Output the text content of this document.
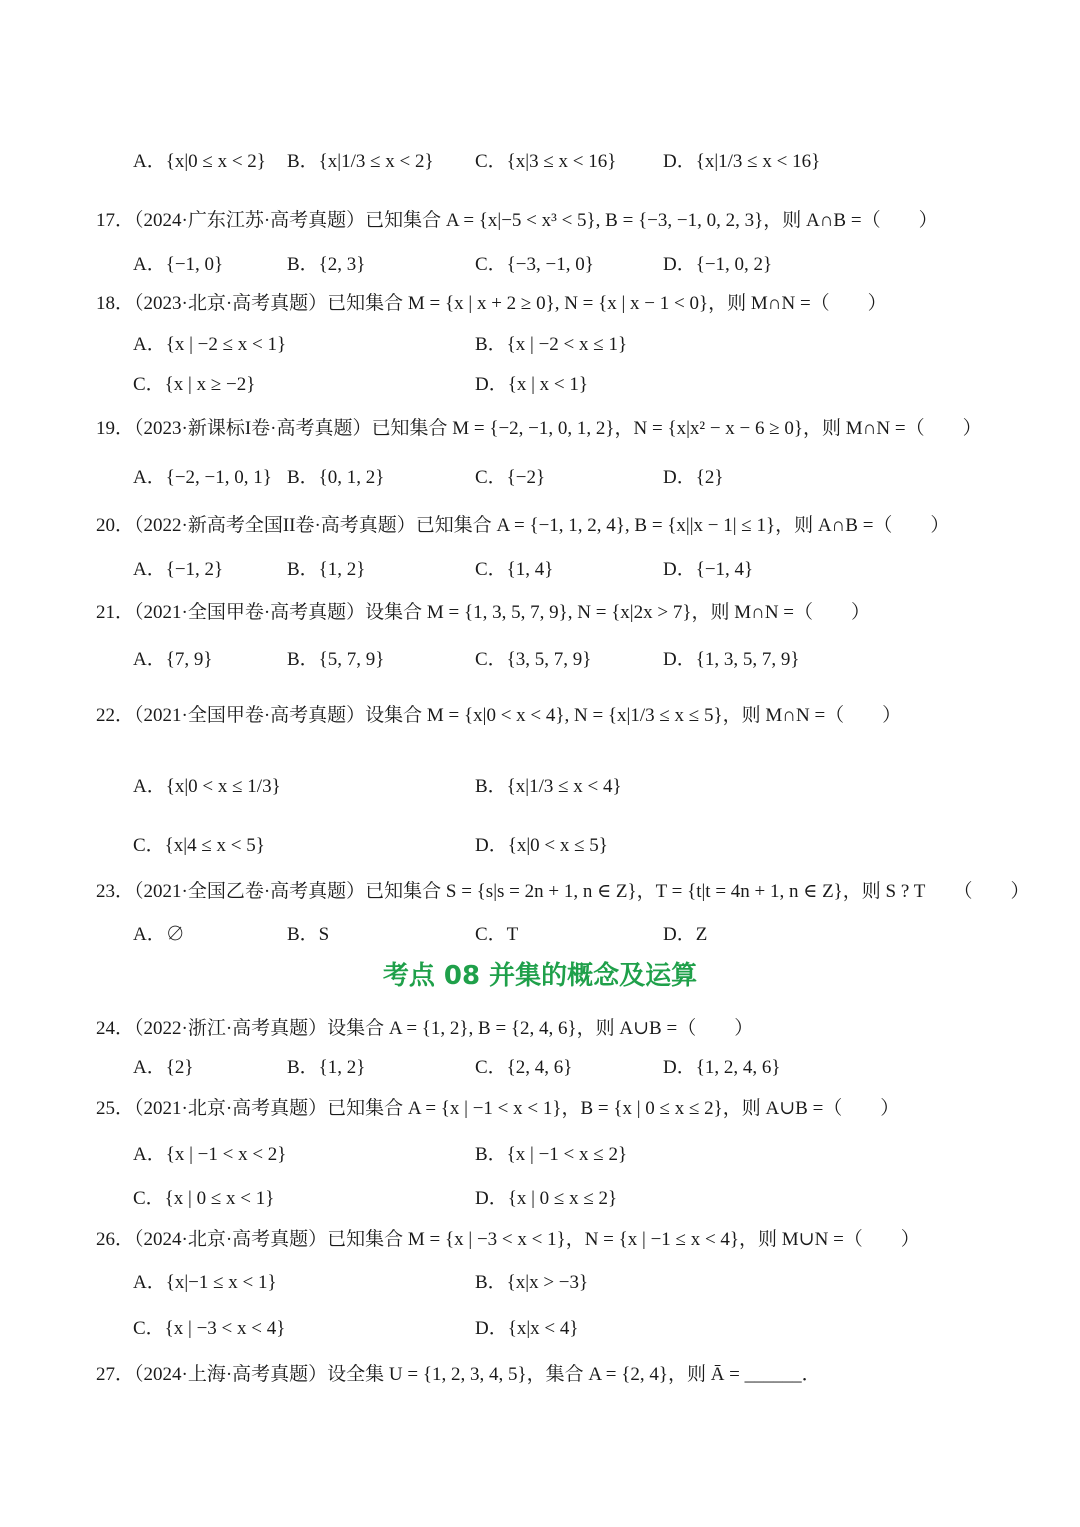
A．{x|0 ≤ x < 2} B．{x|1/3 ≤ x < 2} C．{x|3 ≤ x < 16} D．{x|1/3 ≤ x < 16}
17．（2024·广东江苏·高考真题）已知集合 A = {x|−5 < x³ < 5}, B = {−3, −1, 0, 2, 3}，则 A∩B =（　　）
A．{−1, 0}	B．{2, 3}	C．{−3, −1, 0}	D．{−1, 0, 2}
18．（2023·北京·高考真题）已知集合 M = {x | x + 2 ≥ 0}, N = {x | x − 1 < 0}，则 M∩N =（　　）
A．{x | −2 ≤ x < 1}	B．{x | −2 < x ≤ 1}
C．{x | x ≥ −2}	D．{x | x < 1}
19．（2023·新课标I卷·高考真题）已知集合 M = {−2, −1, 0, 1, 2}，N = {x|x² − x − 6 ≥ 0}，则 M∩N =（　　）
A．{−2, −1, 0, 1} B．{0, 1, 2}	C．{−2}	D．{2}
20．（2022·新高考全国II卷·高考真题）已知集合 A = {−1, 1, 2, 4}, B = {x||x − 1| ≤ 1}，则 A∩B =（　　）
A．{−1, 2}	B．{1, 2}	C．{1, 4}	D．{−1, 4}
21．（2021·全国甲卷·高考真题）设集合 M = {1, 3, 5, 7, 9}, N = {x|2x > 7}，则 M∩N =（　　）
A．{7, 9}	B．{5, 7, 9}	C．{3, 5, 7, 9}	D．{1, 3, 5, 7, 9}
22．（2021·全国甲卷·高考真题）设集合 M = {x|0 < x < 4}, N = {x|1/3 ≤ x ≤ 5}，则 M∩N =（　　）
A．{x|0 < x ≤ 1/3}	B．{x|1/3 ≤ x < 4}
C．{x|4 ≤ x < 5}	D．{x|0 < x ≤ 5}
23．（2021·全国乙卷·高考真题）已知集合 S = {s|s = 2n + 1, n ∈ Z}，T = {t|t = 4n + 1, n ∈ Z}，则 S ? T　　（　　）
A．∅	B．S	C．T	D．Z
考点 08 并集的概念及运算
24．（2022·浙江·高考真题）设集合 A = {1, 2}, B = {2, 4, 6}，则 A∪B =（　　）
A．{2}	B．{1, 2}	C．{2, 4, 6}	D．{1, 2, 4, 6}
25．（2021·北京·高考真题）已知集合 A = {x | −1 < x < 1}，B = {x | 0 ≤ x ≤ 2}，则 A∪B =（　　）
A．{x | −1 < x < 2}	B．{x | −1 < x ≤ 2}
C．{x | 0 ≤ x < 1}	D．{x | 0 ≤ x ≤ 2}
26．（2024·北京·高考真题）已知集合 M = {x | −3 < x < 1}，N = {x | −1 ≤ x < 4}，则 M∪N =（　　）
A．{x|−1 ≤ x < 1}	B．{x|x > −3}
C．{x | −3 < x < 4}	D．{x|x < 4}
27．（2024·上海·高考真题）设全集 U = {1, 2, 3, 4, 5}，集合 A = {2, 4}，则 Ā = ______．
